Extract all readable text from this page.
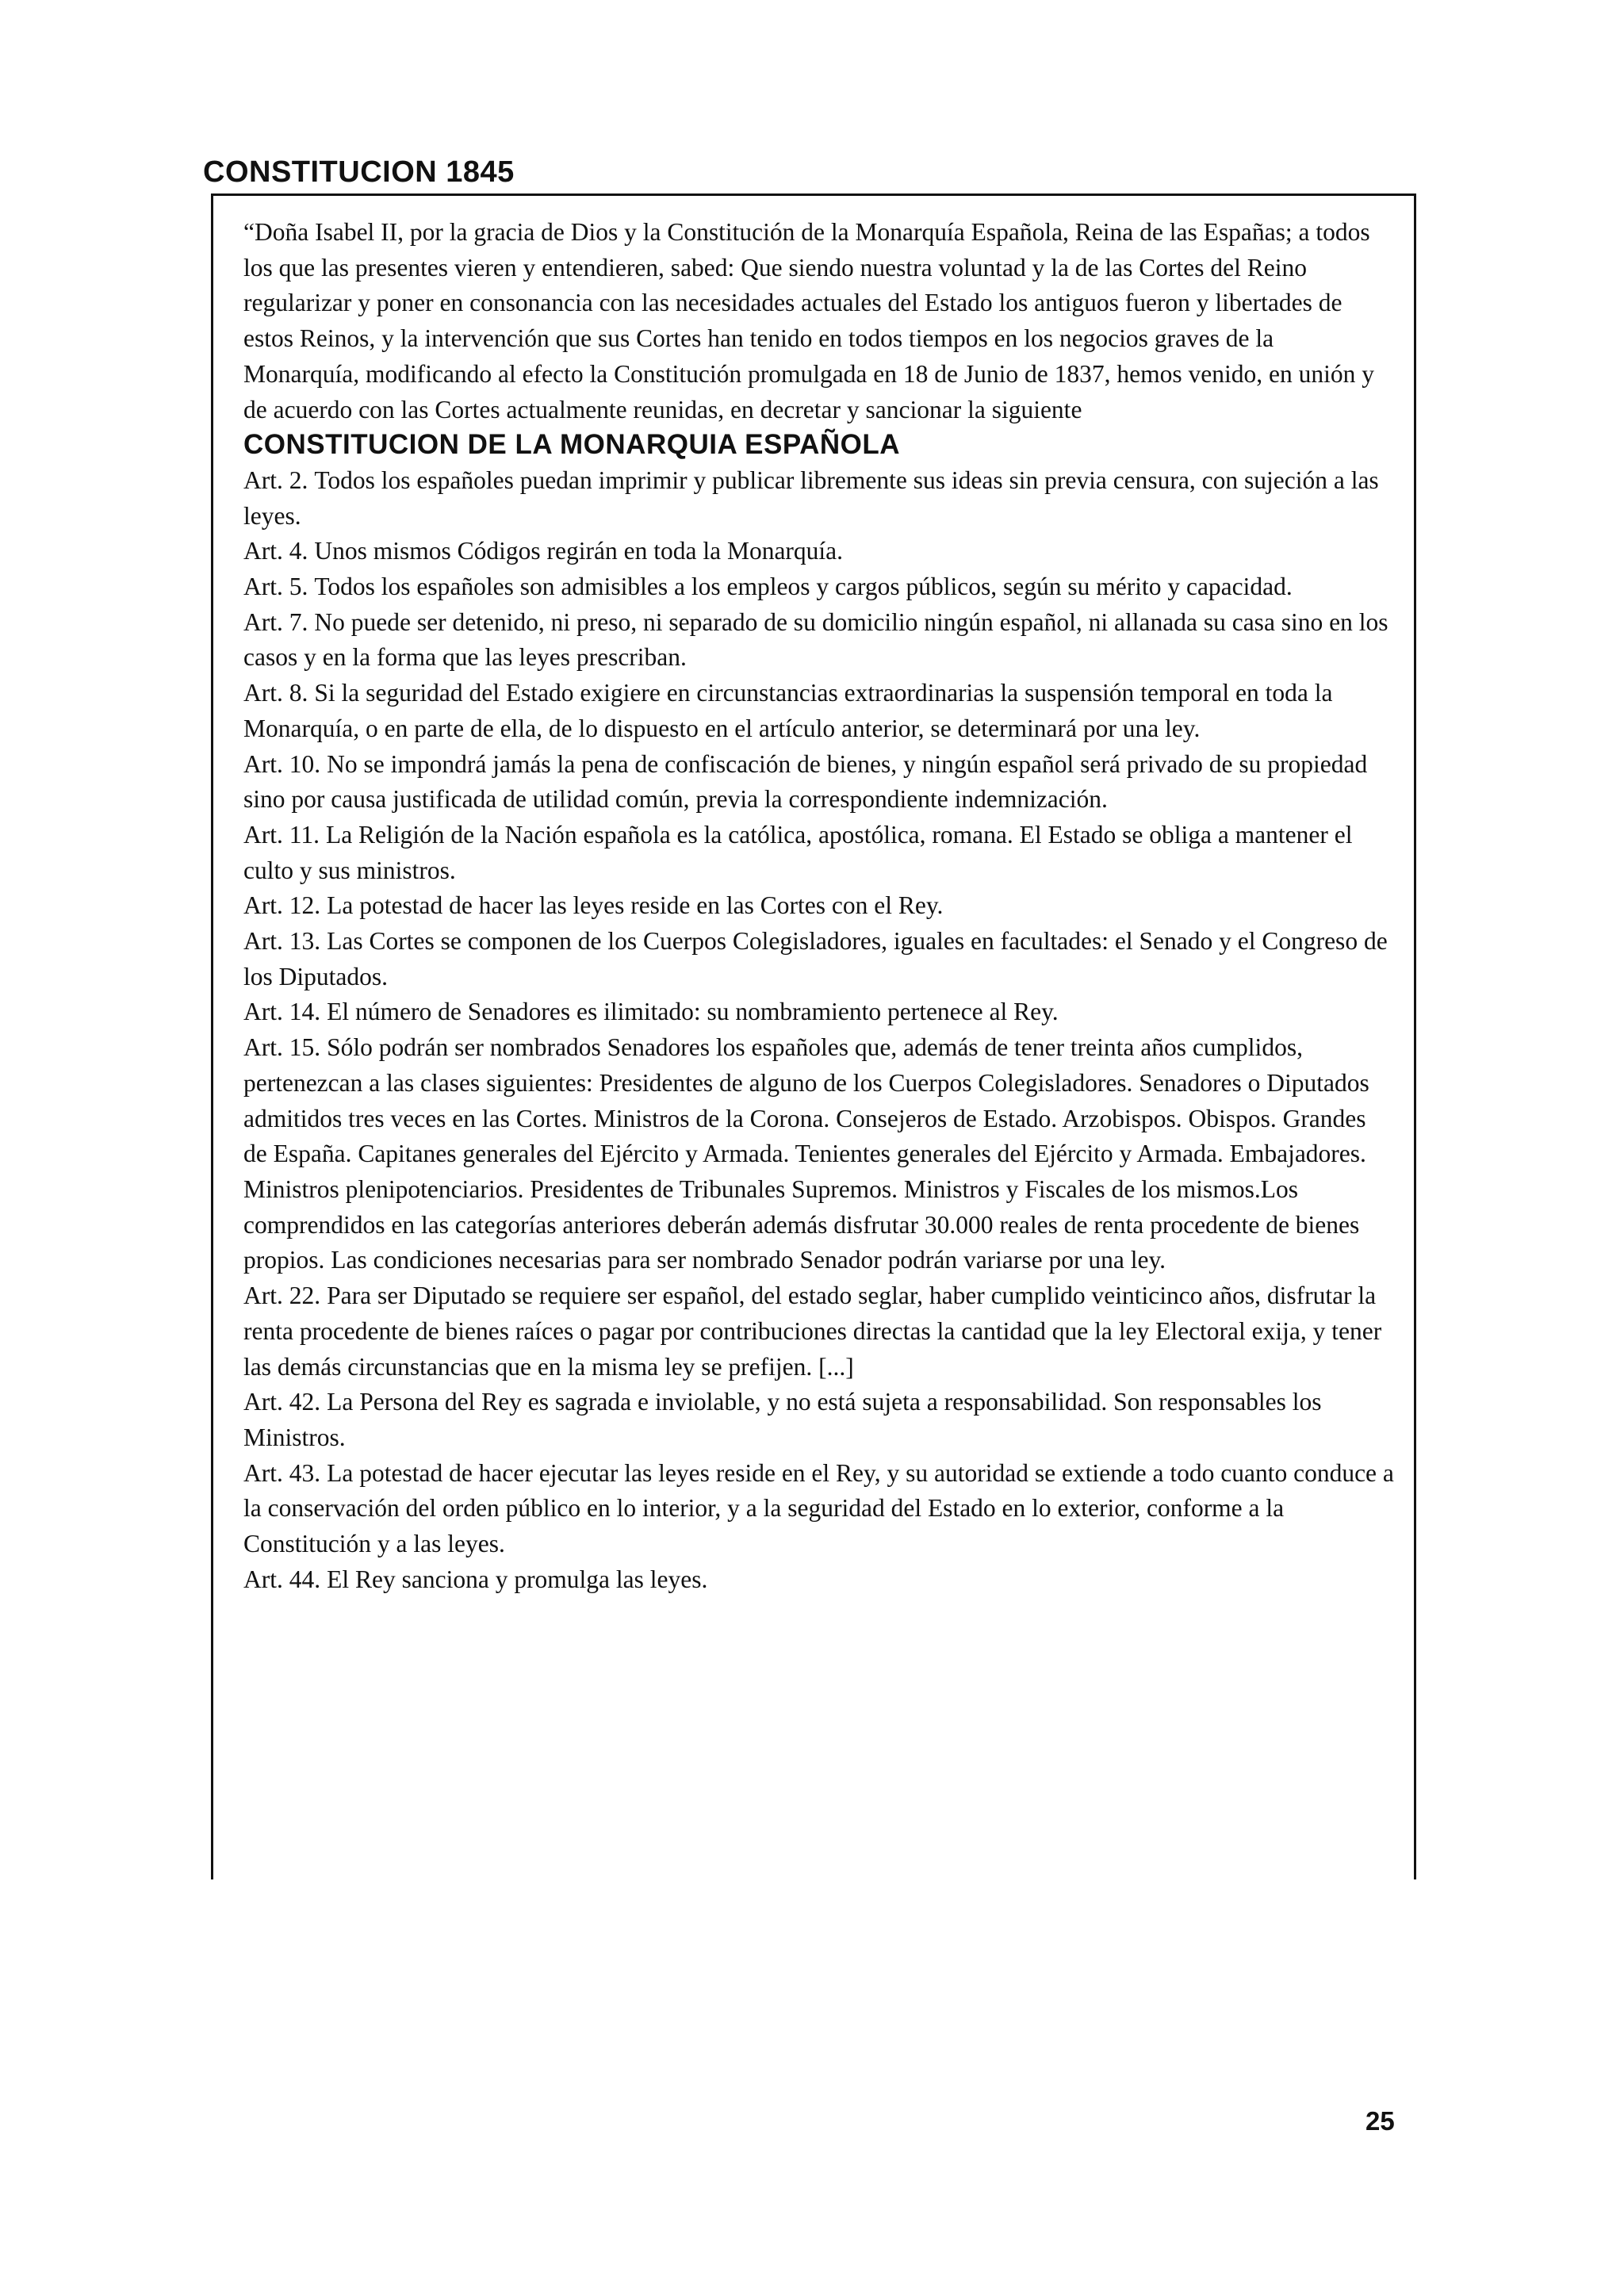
CONSTITUCION 1845

“Doña Isabel II, por la gracia de Dios y la Constitución de la Monarquía Española, Reina de las Españas; a todos los que las presentes vieren y entendieren, sabed: Que siendo nuestra voluntad y la de las Cortes del Reino regularizar y poner en consonancia con las necesidades actuales del Estado los antiguos fueron y libertades de estos Reinos, y la intervención que sus Cortes han tenido en todos tiempos en los negocios graves de la Monarquía, modificando al efecto la Constitución promulgada en 18 de Junio de 1837, hemos venido, en unión y de acuerdo con las Cortes actualmente reunidas, en decretar y sancionar la siguiente

CONSTITUCION DE LA MONARQUIA ESPAÑOLA

Art. 2. Todos los españoles puedan imprimir y publicar libremente sus ideas sin previa censura, con sujeción a las leyes.

Art. 4. Unos mismos Códigos regirán en toda la Monarquía.

Art. 5. Todos los españoles son admisibles a los empleos y cargos públicos, según su mérito y capacidad.

Art. 7. No puede ser detenido, ni preso, ni separado de su domicilio ningún español, ni allanada su casa sino en los casos y en la forma que las leyes prescriban.

Art. 8. Si la seguridad del Estado exigiere en circunstancias extraordinarias la suspensión temporal en toda la Monarquía, o en parte de ella, de lo dispuesto en el artículo anterior, se determinará por una ley.

Art. 10. No se impondrá jamás la pena de confiscación de bienes, y ningún español será privado de su propiedad sino por causa justificada de utilidad común, previa la correspondiente indemnización.

Art. 11. La Religión de la Nación española es la católica, apostólica, romana. El Estado se obliga a mantener el culto y sus ministros.

Art. 12. La potestad de hacer las leyes reside en las Cortes con el Rey.

Art. 13. Las Cortes se componen de los Cuerpos Colegisladores, iguales en facultades: el Senado y el Congreso de los Diputados.

Art. 14. El número de Senadores es ilimitado: su nombramiento pertenece al Rey.

Art. 15. Sólo podrán ser nombrados Senadores los españoles que, además de tener treinta años cumplidos, pertenezcan a las clases siguientes: Presidentes de alguno de los Cuerpos Colegisladores. Senadores o Diputados admitidos tres veces en las Cortes. Ministros de la Corona. Consejeros de Estado. Arzobispos. Obispos. Grandes de España. Capitanes generales del Ejército y Armada. Tenientes generales del Ejército y Armada. Embajadores. Ministros plenipotenciarios. Presidentes de Tribunales Supremos. Ministros y Fiscales de los mismos.Los comprendidos en las categorías anteriores deberán además disfrutar 30.000 reales de renta procedente de bienes propios. Las condiciones necesarias para ser nombrado Senador podrán variarse por una ley.

Art. 22. Para ser Diputado se requiere ser español, del estado seglar, haber cumplido veinticinco años, disfrutar la renta procedente de bienes raíces o pagar por contribuciones directas la cantidad que la ley Electoral exija, y tener las demás circunstancias que en la misma ley se prefijen. [...]

Art. 42. La Persona del Rey es sagrada e inviolable, y no está sujeta a responsabilidad. Son responsables los Ministros.

Art. 43. La potestad de hacer ejecutar las leyes reside en el Rey, y su autoridad se extiende a todo cuanto conduce a la conservación del orden público en lo interior, y a la seguridad del Estado en lo exterior, conforme a la Constitución y a las leyes.

Art. 44. El Rey sanciona y promulga las leyes.

25
